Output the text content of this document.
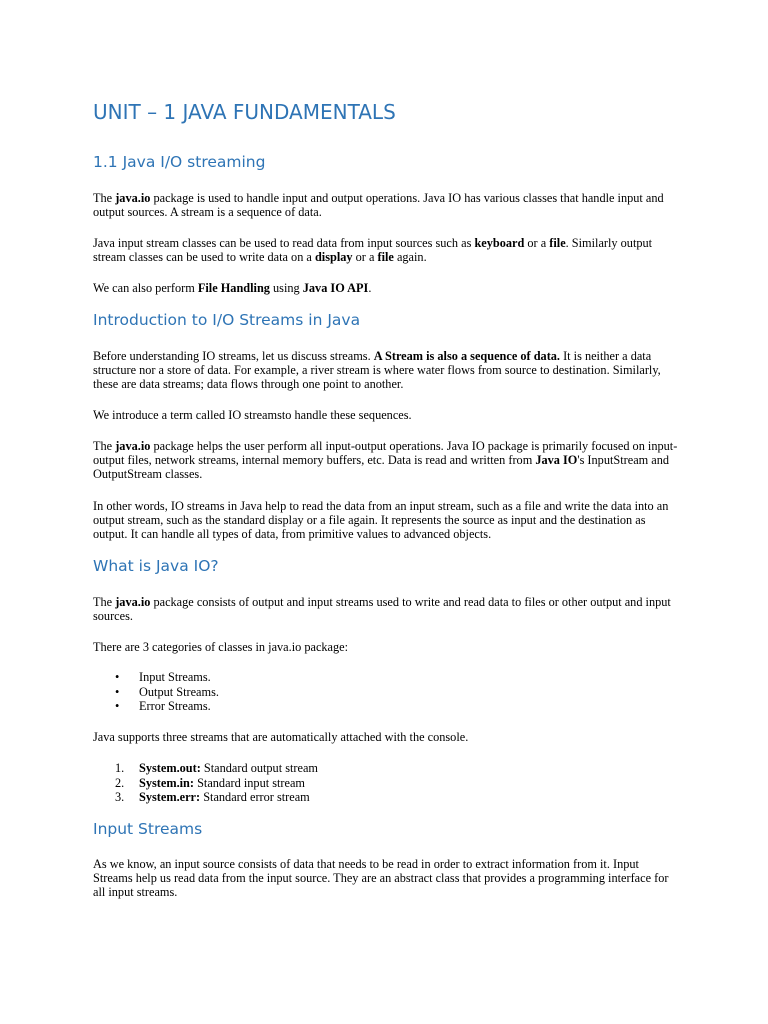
UNIT – 1 JAVA FUNDAMENTALS
1.1 Java I/O streaming

The java.io package is used to handle input and output operations. Java IO has various classes that handle input and output sources. A stream is a sequence of data.

Java input stream classes can be used to read data from input sources such as keyboard or a file. Similarly output stream classes can be used to write data on a display or a file again.

We can also perform File Handling using Java IO API.

Introduction to I/O Streams in Java

Before understanding IO streams, let us discuss streams. A Stream is also a sequence of data. It is neither a data structure nor a store of data. For example, a river stream is where water flows from source to destination. Similarly, these are data streams; data flows through one point to another.

We introduce a term called IO streamsto handle these sequences.

The java.io package helps the user perform all input-output operations. Java IO package is primarily focused on input-output files, network streams, internal memory buffers, etc. Data is read and written from Java IO's InputStream and OutputStream classes.

In other words, IO streams in Java help to read the data from an input stream, such as a file and write the data into an output stream, such as the standard display or a file again. It represents the source as input and the destination as output. It can handle all types of data, from primitive values to advanced objects.

What is Java IO?

The java.io package consists of output and input streams used to write and read data to files or other output and input sources.

There are 3 categories of classes in java.io package:

• Input Streams.
• Output Streams.
• Error Streams.

Java supports three streams that are automatically attached with the console.

1. System.out: Standard output stream
2. System.in: Standard input stream
3. System.err: Standard error stream
Input Streams

As we know, an input source consists of data that needs to be read in order to extract information from it. Input Streams help us read data from the input source. They are an abstract class that provides a programming interface for all input streams.
